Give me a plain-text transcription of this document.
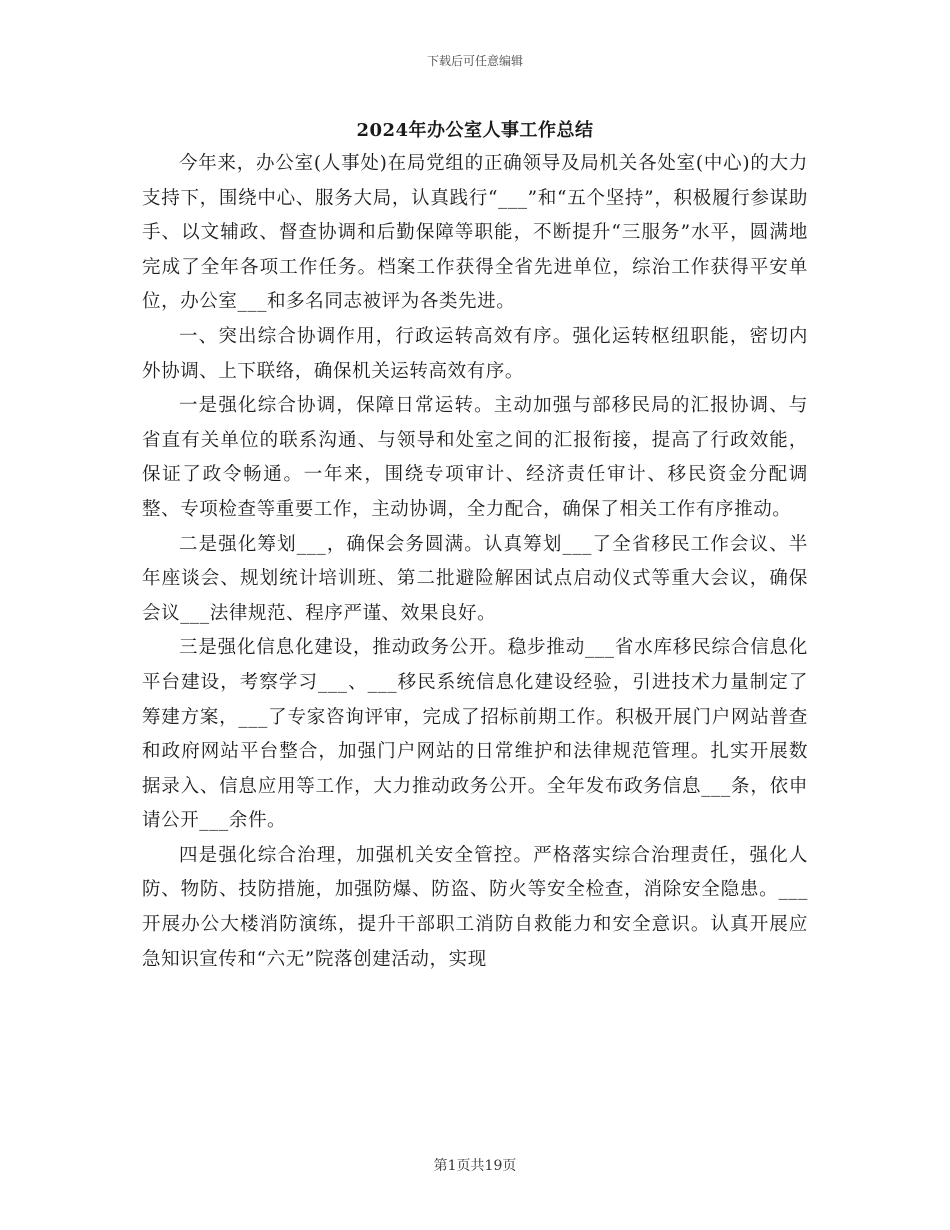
下载后可任意编辑
2024年办公室人事工作总结

今年来，办公室(人事处)在局党组的正确领导及局机关各处室(中心)的大力支持下，围绕中心、服务大局，认真践行“___”和“五个坚持”，积极履行参谋助手、以文辅政、督查协调和后勤保障等职能，不断提升“三服务”水平，圆满地完成了全年各项工作任务。档案工作获得全省先进单位，综治工作获得平安单位，办公室___和多名同志被评为各类先进。

一、突出综合协调作用，行政运转高效有序。强化运转枢纽职能，密切内外协调、上下联络，确保机关运转高效有序。

一是强化综合协调，保障日常运转。主动加强与部移民局的汇报协调、与省直有关单位的联系沟通、与领导和处室之间的汇报衔接，提高了行政效能，保证了政令畅通。一年来，围绕专项审计、经济责任审计、移民资金分配调整、专项检查等重要工作，主动协调，全力配合，确保了相关工作有序推动。

二是强化筹划___，确保会务圆满。认真筹划___了全省移民工作会议、半年座谈会、规划统计培训班、第二批避险解困试点启动仪式等重大会议，确保会议___法律规范、程序严谨、效果良好。

三是强化信息化建设，推动政务公开。稳步推动___省水库移民综合信息化平台建设，考察学习___、___移民系统信息化建设经验，引进技术力量制定了筹建方案，___了专家咨询评审，完成了招标前期工作。积极开展门户网站普查和政府网站平台整合，加强门户网站的日常维护和法律规范管理。扎实开展数据录入、信息应用等工作，大力推动政务公开。全年发布政务信息___条，依申请公开___余件。

四是强化综合治理，加强机关安全管控。严格落实综合治理责任，强化人防、物防、技防措施，加强防爆、防盗、防火等安全检查，消除安全隐患。___开展办公大楼消防演练，提升干部职工消防自救能力和安全意识。认真开展应急知识宣传和“六无”院落创建活动，实现

第1页共19页
